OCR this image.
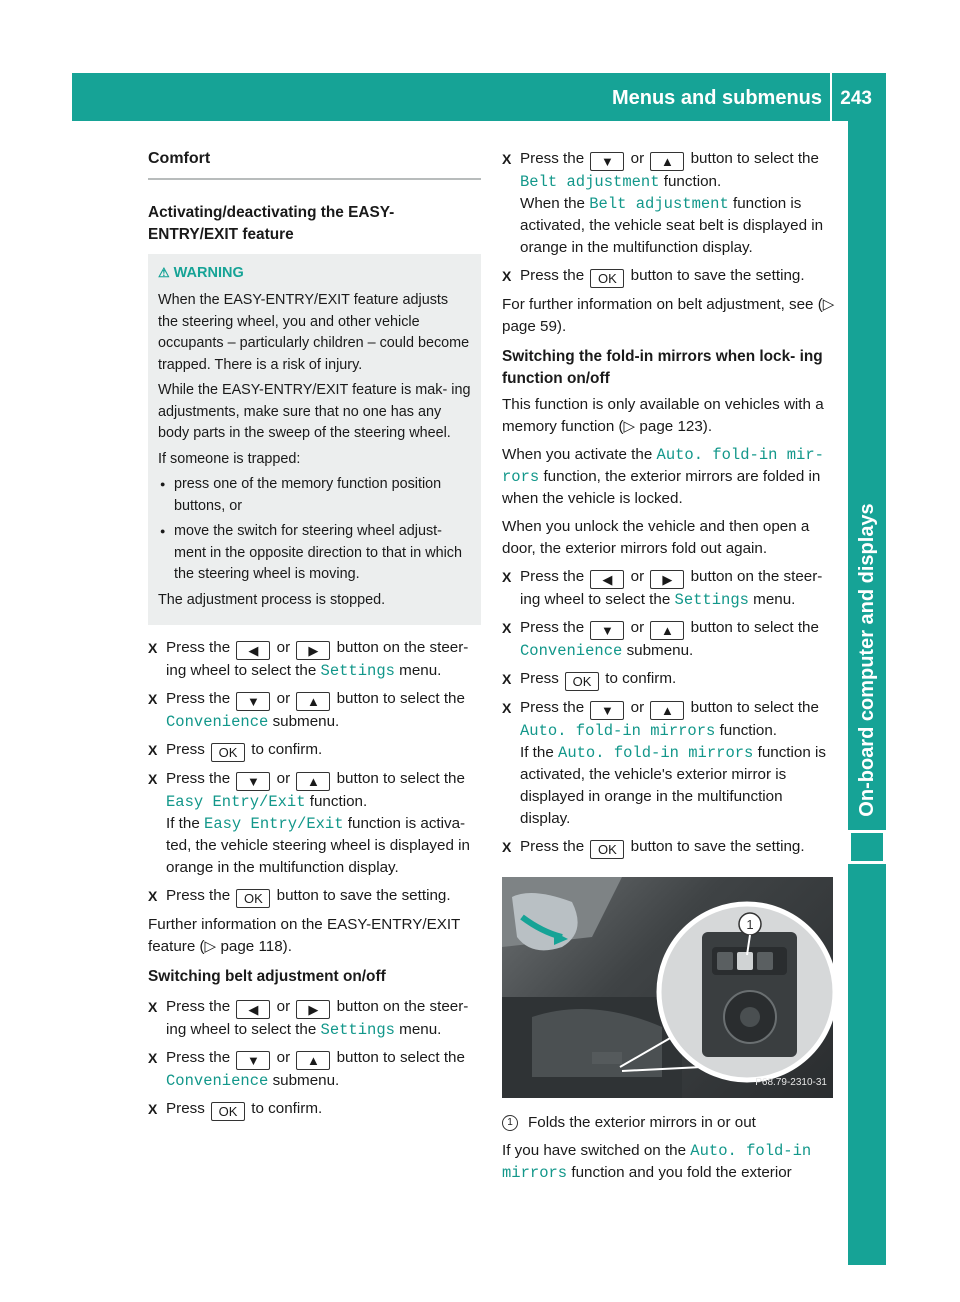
Menus and submenus 243
On-board computer and displays
Comfort
Activating/deactivating the EASY-
ENTRY/EXIT feature
⚠ WARNING
When the EASY-ENTRY/EXIT feature adjusts the steering wheel, you and other vehicle occupants – particularly children – could become trapped. There is a risk of injury.
While the EASY-ENTRY/EXIT feature is mak- ing adjustments, make sure that no one has any body parts in the sweep of the steering wheel.
If someone is trapped:
● press one of the memory function position buttons, or
● move the switch for steering wheel adjust- ment in the opposite direction to that in which the steering wheel is moving.
The adjustment process is stopped.
X Press the ◀ or ▶ button on the steer- ing wheel to select the Settings menu.
X Press the ▼ or ▲ button to select the Convenience submenu.
X Press OK to confirm.
X Press the ▼ or ▲ button to select the Easy Entry/Exit function.
If the Easy Entry/Exit function is activa- ted, the vehicle steering wheel is displayed in orange in the multifunction display.
X Press the OK button to save the setting.
Further information on the EASY-ENTRY/EXIT feature (▷ page 118).
Switching belt adjustment on/off
X Press the ◀ or ▶ button on the steer- ing wheel to select the Settings menu.
X Press the ▼ or ▲ button to select the Convenience submenu.
X Press OK to confirm.
X Press the ▼ or ▲ button to select the Belt adjustment function.
When the Belt adjustment function is activated, the vehicle seat belt is displayed in orange in the multifunction display.
X Press the OK button to save the setting.
For further information on belt adjustment, see (▷ page 59).
Switching the fold-in mirrors when lock- ing function on/off
This function is only available on vehicles with a memory function (▷ page 123).
When you activate the Auto. fold-in mir‐ rors function, the exterior mirrors are folded in when the vehicle is locked.
When you unlock the vehicle and then open a door, the exterior mirrors fold out again.
X Press the ◀ or ▶ button on the steer- ing wheel to select the Settings menu.
X Press the ▼ or ▲ button to select the Convenience submenu.
X Press OK to confirm.
X Press the ▼ or ▲ button to select the Auto. fold-in mirrors function.
If the Auto. fold-in mirrors function is activated, the vehicle's exterior mirror is displayed in orange in the multifunction display.
X Press the OK button to save the setting.
1
P68.79-2310-31
1	Folds the exterior mirrors in or out
If you have switched on the Auto. fold-in mirrors function and you fold the exterior
